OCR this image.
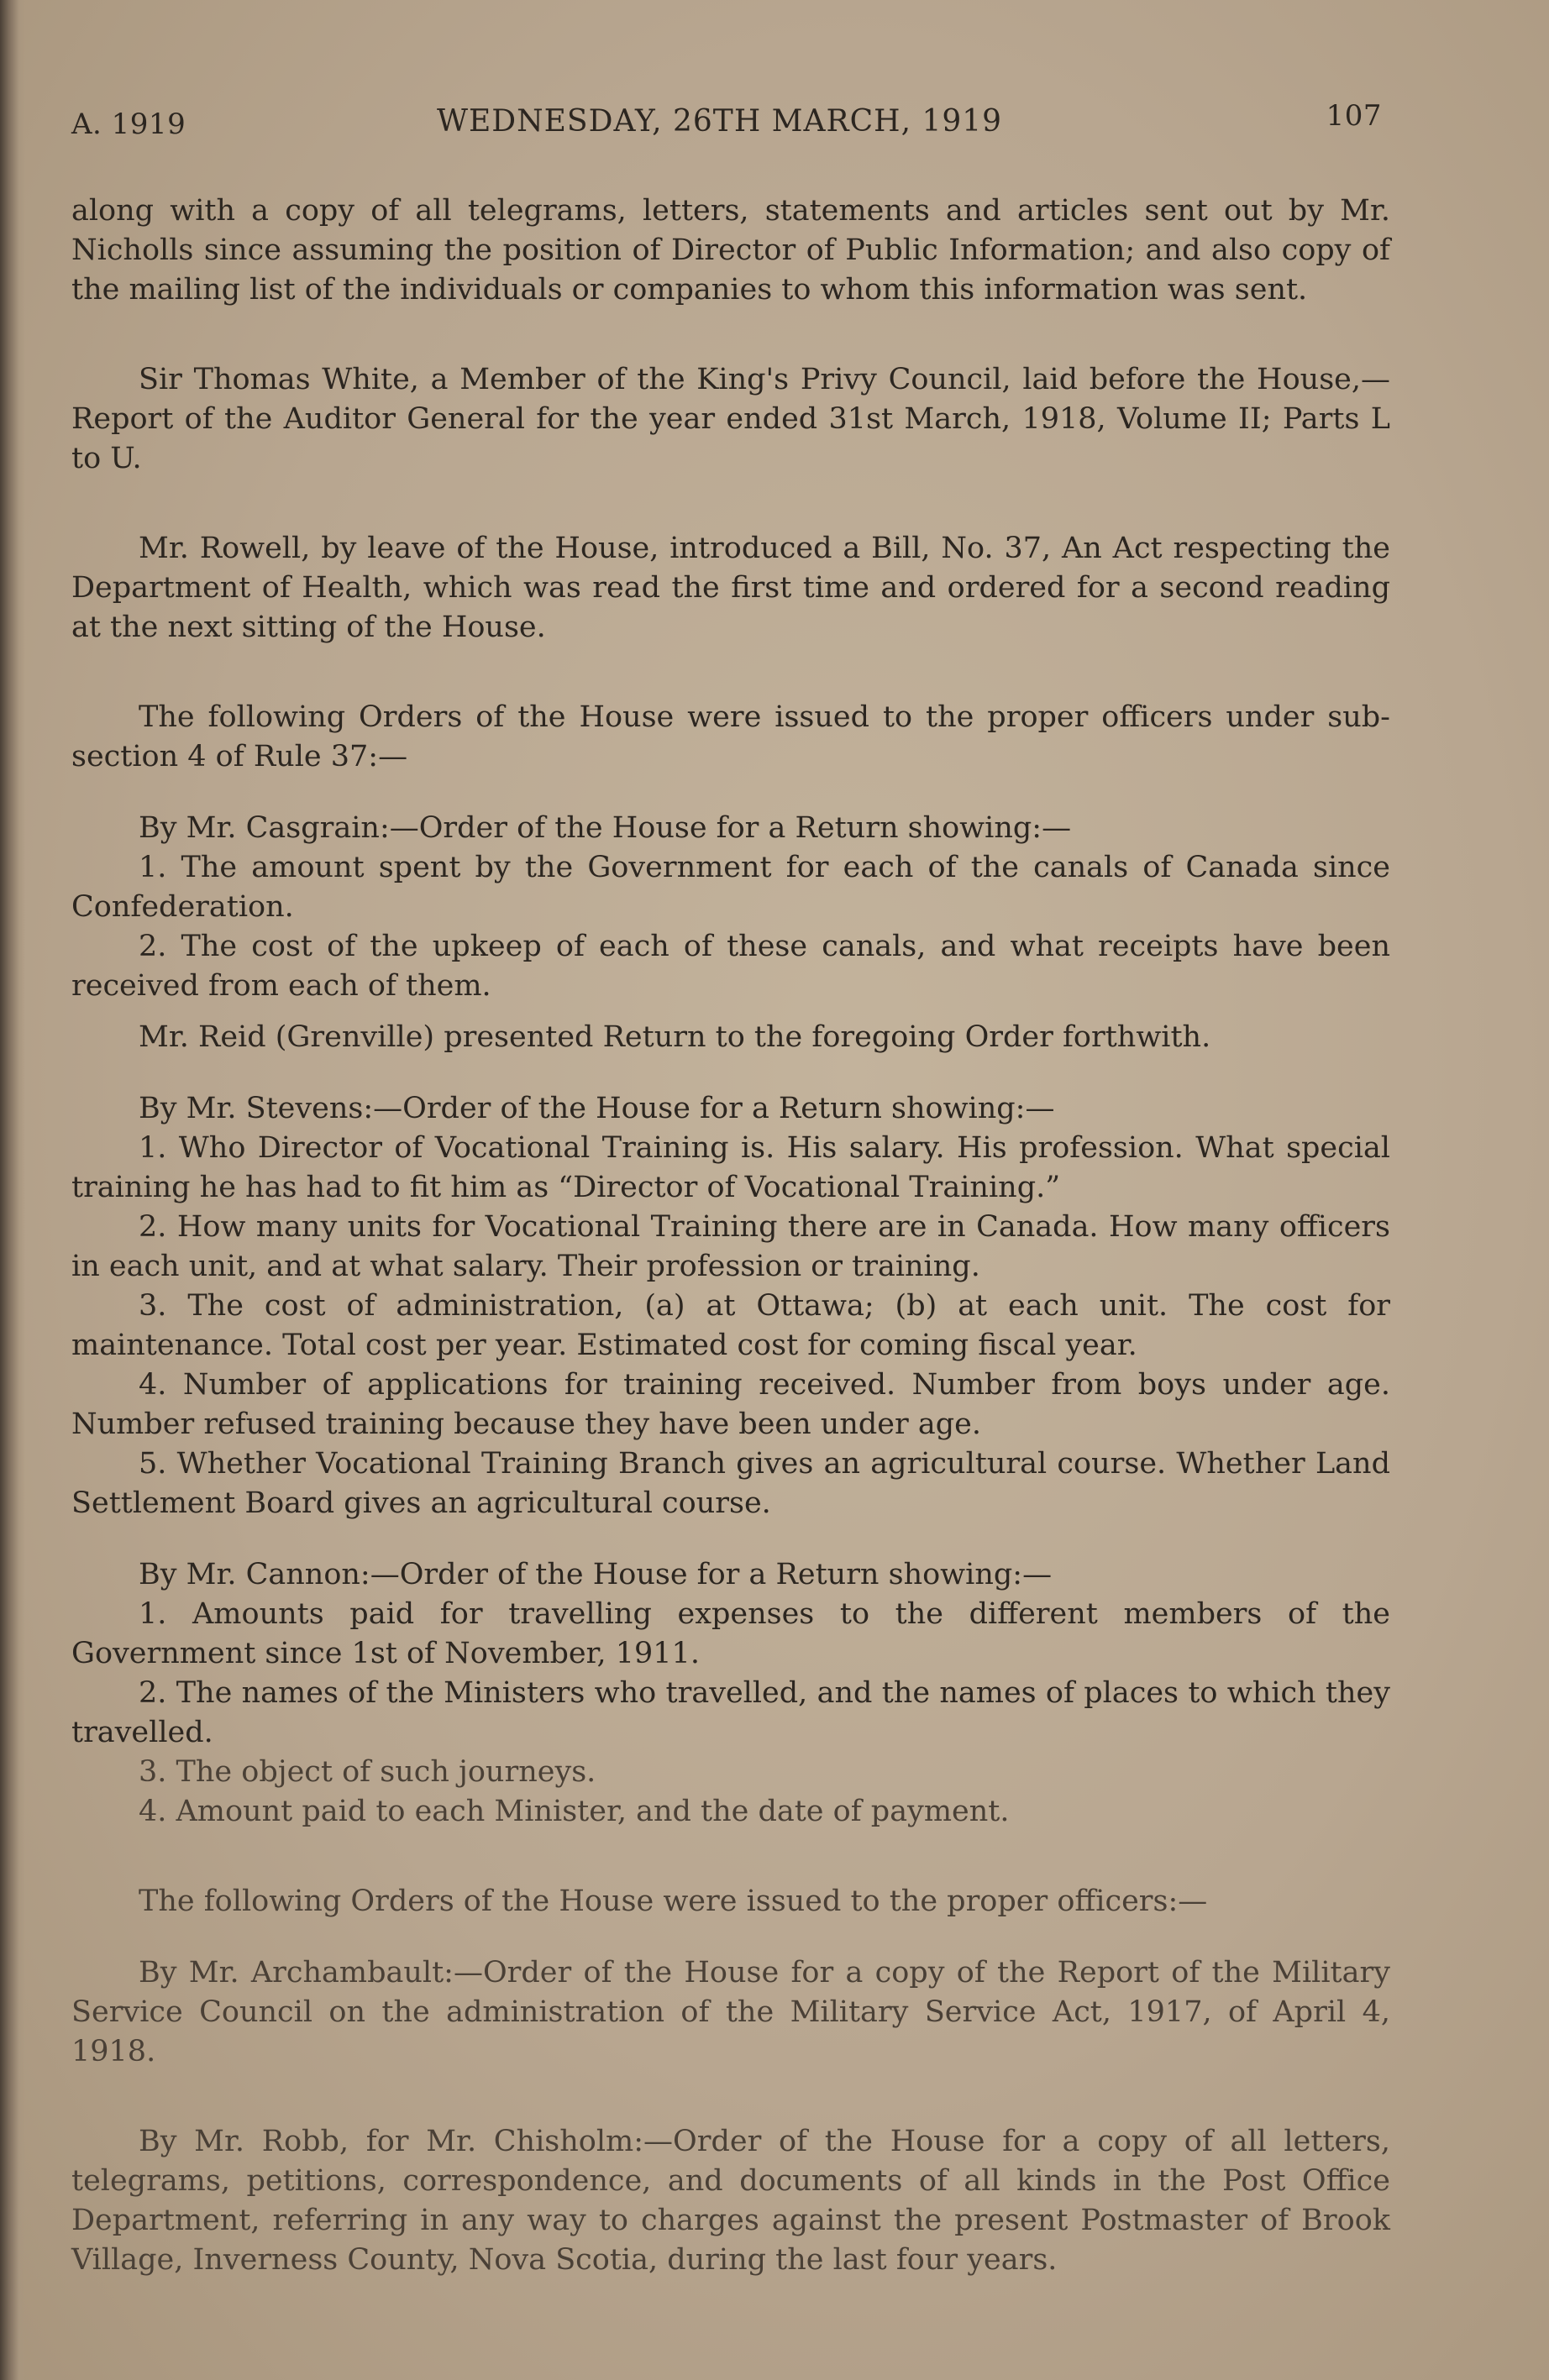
A. 1919	WEDNESDAY, 26TH MARCH, 1919	107

along with a copy of all telegrams, letters, statements and articles sent out by Mr. Nicholls since assuming the position of Director of Public Information; and also copy of the mailing list of the individuals or companies to whom this information was sent.

Sir Thomas White, a Member of the King's Privy Council, laid before the House,—Report of the Auditor General for the year ended 31st March, 1918, Volume II; Parts L to U.

Mr. Rowell, by leave of the House, introduced a Bill, No. 37, An Act respecting the Department of Health, which was read the first time and ordered for a second reading at the next sitting of the House.

The following Orders of the House were issued to the proper officers under sub-section 4 of Rule 37:—

By Mr. Casgrain:—Order of the House for a Return showing:—

1. The amount spent by the Government for each of the canals of Canada since Confederation.

2. The cost of the upkeep of each of these canals, and what receipts have been received from each of them.

Mr. Reid (Grenville) presented Return to the foregoing Order forthwith.

By Mr. Stevens:—Order of the House for a Return showing:—

1. Who Director of Vocational Training is. His salary. His profession. What special training he has had to fit him as “Director of Vocational Training.”

2. How many units for Vocational Training there are in Canada. How many officers in each unit, and at what salary. Their profession or training.

3. The cost of administration, (a) at Ottawa; (b) at each unit. The cost for maintenance. Total cost per year. Estimated cost for coming fiscal year.

4. Number of applications for training received. Number from boys under age. Number refused training because they have been under age.

5. Whether Vocational Training Branch gives an agricultural course. Whether Land Settlement Board gives an agricultural course.

By Mr. Cannon:—Order of the House for a Return showing:—

1. Amounts paid for travelling expenses to the different members of the Government since 1st of November, 1911.

2. The names of the Ministers who travelled, and the names of places to which they travelled.

3. The object of such journeys.

4. Amount paid to each Minister, and the date of payment.

The following Orders of the House were issued to the proper officers:—

By Mr. Archambault:—Order of the House for a copy of the Report of the Military Service Council on the administration of the Military Service Act, 1917, of April 4, 1918.

By Mr. Robb, for Mr. Chisholm:—Order of the House for a copy of all letters, telegrams, petitions, correspondence, and documents of all kinds in the Post Office Department, referring in any way to charges against the present Postmaster of Brook Village, Inverness County, Nova Scotia, during the last four years.
